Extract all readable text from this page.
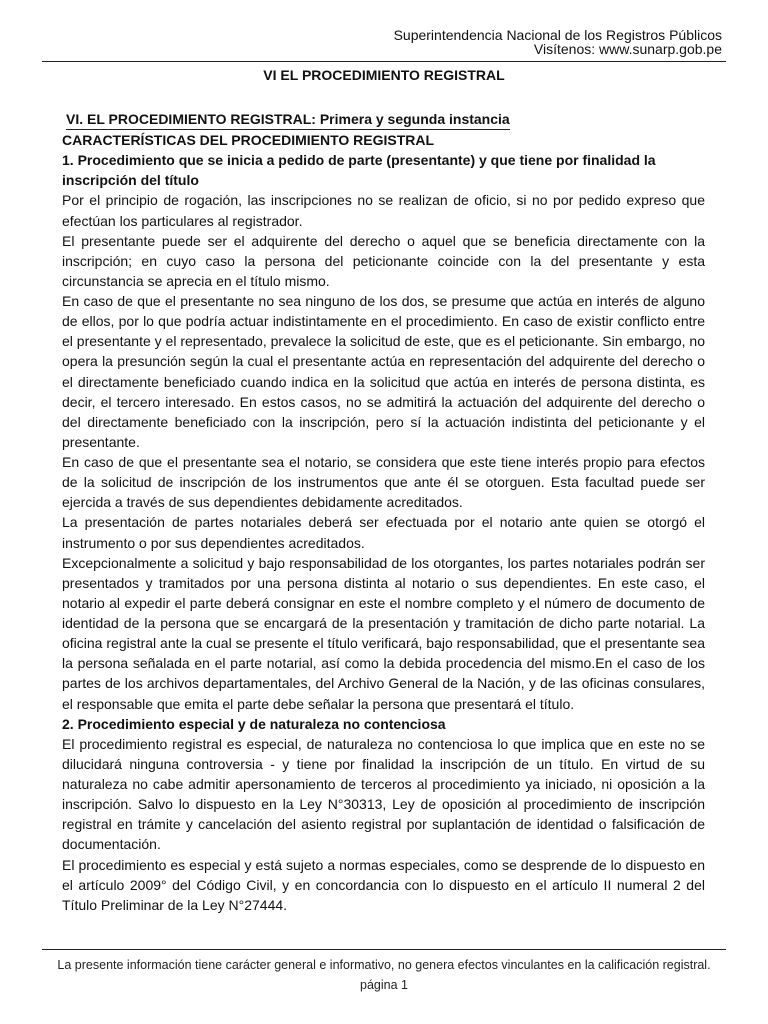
Superintendencia Nacional de los Registros Públicos
Visítenos: www.sunarp.gob.pe
VI EL PROCEDIMIENTO REGISTRAL
VI. EL PROCEDIMIENTO REGISTRAL: Primera y segunda instancia

CARACTERÍSTICAS DEL PROCEDIMIENTO REGISTRAL

1. Procedimiento que se inicia a pedido de parte (presentante) y que tiene por finalidad la inscripción del título

Por el principio de rogación, las inscripciones no se realizan de oficio, si no por pedido expreso que efectúan los particulares al registrador.

El presentante puede ser el adquirente del derecho o aquel que se beneficia directamente con la inscripción; en cuyo caso la persona del peticionante coincide con la del presentante y esta circunstancia se aprecia en el título mismo.

En caso de que el presentante no sea ninguno de los dos, se presume que actúa en interés de alguno de ellos, por lo que podría actuar indistintamente en el procedimiento. En caso de existir conflicto entre el presentante y el representado, prevalece la solicitud de este, que es el peticionante. Sin embargo, no opera la presunción según la cual el presentante actúa en representación del adquirente del derecho o el directamente beneficiado cuando indica en la solicitud que actúa en interés de persona distinta, es decir, el tercero interesado. En estos casos, no se admitirá la actuación del adquirente del derecho o del directamente beneficiado con la inscripción, pero sí la actuación indistinta del peticionante y el presentante.

En caso de que el presentante sea el notario, se considera que este tiene interés propio para efectos de la solicitud de inscripción de los instrumentos que ante él se otorguen. Esta facultad puede ser ejercida a través de sus dependientes debidamente acreditados.

La presentación de partes notariales deberá ser efectuada por el notario ante quien se otorgó el instrumento o por sus dependientes acreditados.

Excepcionalmente a solicitud y bajo responsabilidad de los otorgantes, los partes notariales podrán ser presentados y tramitados por una persona distinta al notario o sus dependientes. En este caso, el notario al expedir el parte deberá consignar en este el nombre completo y el número de documento de identidad de la persona que se encargará de la presentación y tramitación de dicho parte notarial. La oficina registral ante la cual se presente el título verificará, bajo responsabilidad, que el presentante sea la persona señalada en el parte notarial, así como la debida procedencia del mismo.En el caso de los partes de los archivos departamentales, del Archivo General de la Nación, y de las oficinas consulares, el responsable que emita el parte debe señalar la persona que presentará el título.

2. Procedimiento especial y de naturaleza no contenciosa

El procedimiento registral es especial, de naturaleza no contenciosa lo que implica que en este no se dilucidará ninguna controversia - y tiene por finalidad la inscripción de un título. En virtud de su naturaleza no cabe admitir apersonamiento de terceros al procedimiento ya iniciado, ni oposición a la inscripción. Salvo lo dispuesto en la Ley N°30313, Ley de oposición al procedimiento de inscripción registral en trámite y cancelación del asiento registral por suplantación de identidad o falsificación de documentación.

El procedimiento es especial y está sujeto a normas especiales, como se desprende de lo dispuesto en el artículo 2009° del Código Civil, y en concordancia con lo dispuesto en el artículo II numeral 2 del Título Preliminar de la Ley N°27444.

La presente información tiene carácter general e informativo, no genera efectos vinculantes en la calificación registral.
página 1
